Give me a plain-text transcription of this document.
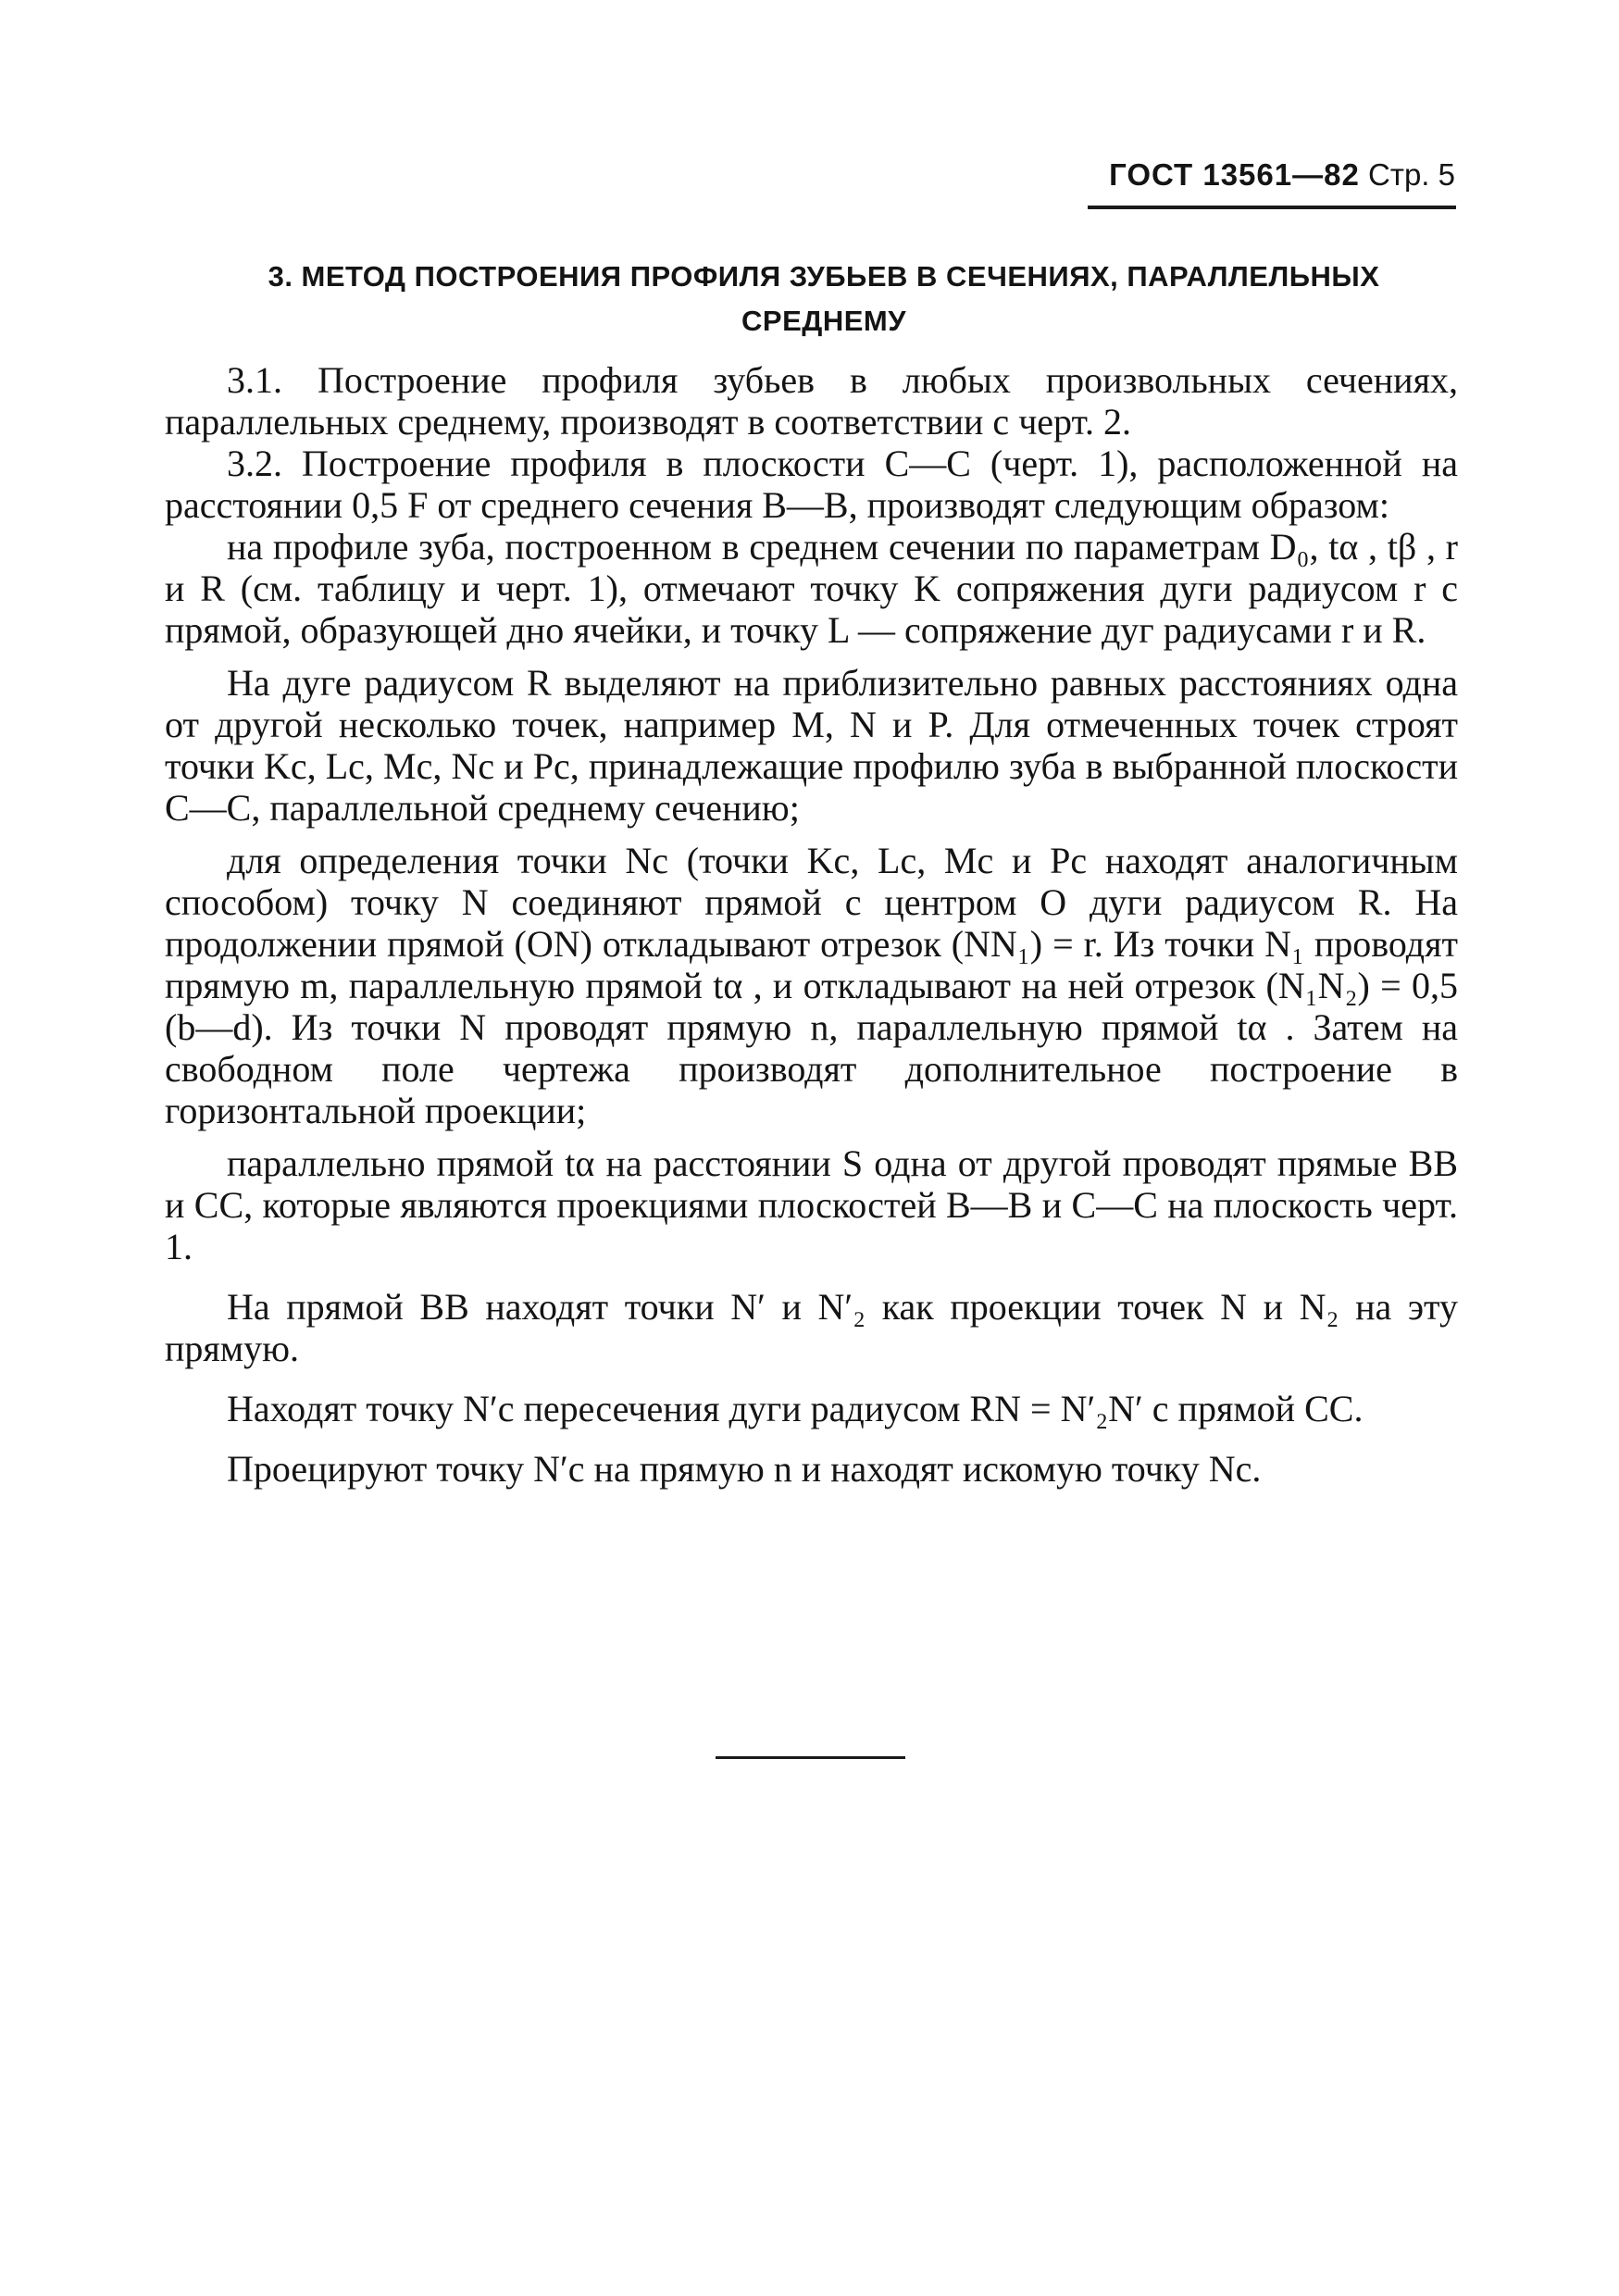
ГОСТ 13561—82 Стр. 5
3. МЕТОД ПОСТРОЕНИЯ ПРОФИЛЯ ЗУБЬЕВ В СЕЧЕНИЯХ, ПАРАЛЛЕЛЬНЫХ СРЕДНЕМУ

3.1. Построение профиля зубьев в любых произвольных сечениях, параллельных среднему, производят в соответствии с черт. 2.

3.2. Построение профиля в плоскости C—C (черт. 1), расположенной на расстоянии 0,5 F от среднего сечения B—B, производят следующим образом:

на профиле зуба, построенном в среднем сечении по параметрам D₀, tα , tβ , r и R (см. таблицу и черт. 1), отмечают точку K сопряжения дуги радиусом r с прямой, образующей дно ячейки, и точку L — сопряжение дуг радиусами r и R.

На дуге радиусом R выделяют на приблизительно равных расстояниях одна от другой несколько точек, например M, N и P. Для отмеченных точек строят точки Kc, Lc, Mc, Nc и Pc, принадлежащие профилю зуба в выбранной плоскости C—C, параллельной среднему сечению;

для определения точки Nc (точки Kc, Lc, Mc и Pc находят аналогичным способом) точку N соединяют прямой с центром O дуги радиусом R. На продолжении прямой (ON) откладывают отрезок (NN₁) = r. Из точки N₁ проводят прямую m, параллельную прямой tα , и откладывают на ней отрезок (N₁N₂) = 0,5 (b—d). Из точки N проводят прямую n, параллельную прямой tα . Затем на свободном поле чертежа производят дополнительное построение в горизонтальной проекции;

параллельно прямой tα на расстоянии S одна от другой проводят прямые BB и CC, которые являются проекциями плоскостей B—B и C—C на плоскость черт. 1.

На прямой BB находят точки N′ и N′₂ как проекции точек N и N₂ на эту прямую.

Находят точку N′c пересечения дуги радиусом RN = N′₂N′ с прямой CC.

Проецируют точку N′c на прямую n и находят искомую точку Nc.
